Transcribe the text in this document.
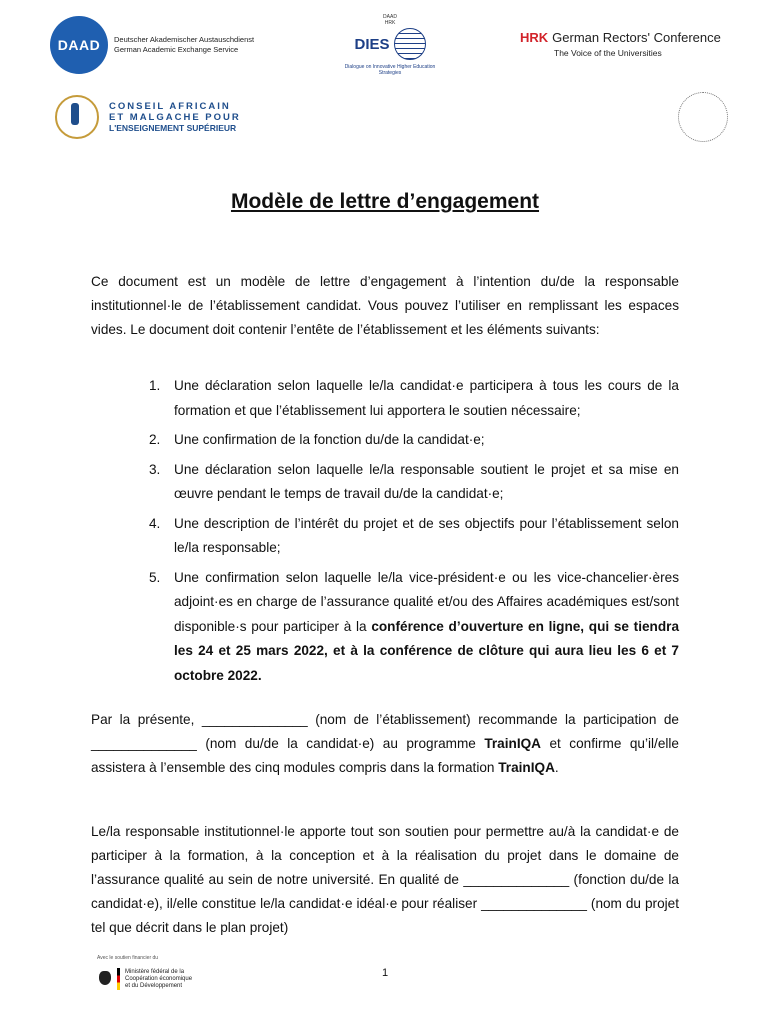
DAAD	Deutscher Akademischer Austauschdienst
German Academic Exchange Service
DAAD
HRK
DIES
Dialogue on Innovative Higher Education Strategies
HRK German Rectors' Conference
The Voice of the Universities
CONSEIL AFRICAIN
ET MALGACHE POUR
L'ENSEIGNEMENT SUPÉRIEUR
Modèle de lettre d’engagement
Ce document est un modèle de lettre d’engagement à l’intention du/de la responsable institutionnel·le de l’établissement candidat. Vous pouvez l’utiliser en remplissant les espaces vides. Le document doit contenir l’entête de l’établissement et les éléments suivants:
1. Une déclaration selon laquelle le/la candidat·e participera à tous les cours de la formation et que l’établissement lui apportera le soutien nécessaire;
2. Une confirmation de la fonction du/de la candidat·e;
3. Une déclaration selon laquelle le/la responsable soutient le projet et sa mise en œuvre pendant le temps de travail du/de la candidat·e;
4. Une description de l’intérêt du projet et de ses objectifs pour l’établissement selon le/la responsable;
5. Une confirmation selon laquelle le/la vice-président·e ou les vice-chancelier·ères adjoint·es en charge de l’assurance qualité et/ou des Affaires académiques est/sont disponible·s pour participer à la conférence d’ouverture en ligne, qui se tiendra les 24 et 25 mars 2022, et à la conférence de clôture qui aura lieu les 6 et 7 octobre 2022.
Par la présente, ______________ (nom de l’établissement) recommande la participation de ______________ (nom du/de la candidat·e) au programme TrainIQA et confirme qu’il/elle assistera à l’ensemble des cinq modules compris dans la formation TrainIQA.
Le/la responsable institutionnel·le apporte tout son soutien pour permettre au/à la candidat·e de participer à la formation, à la conception et à la réalisation du projet dans le domaine de l’assurance qualité au sein de notre université. En qualité de ______________ (fonction du/de la candidat·e), il/elle constitue le/la candidat·e idéal·e pour réaliser ______________ (nom du projet tel que décrit dans le plan projet)
Avec le soutien financier du
Ministère fédéral de la
Coopération économique
et du Développement
1
